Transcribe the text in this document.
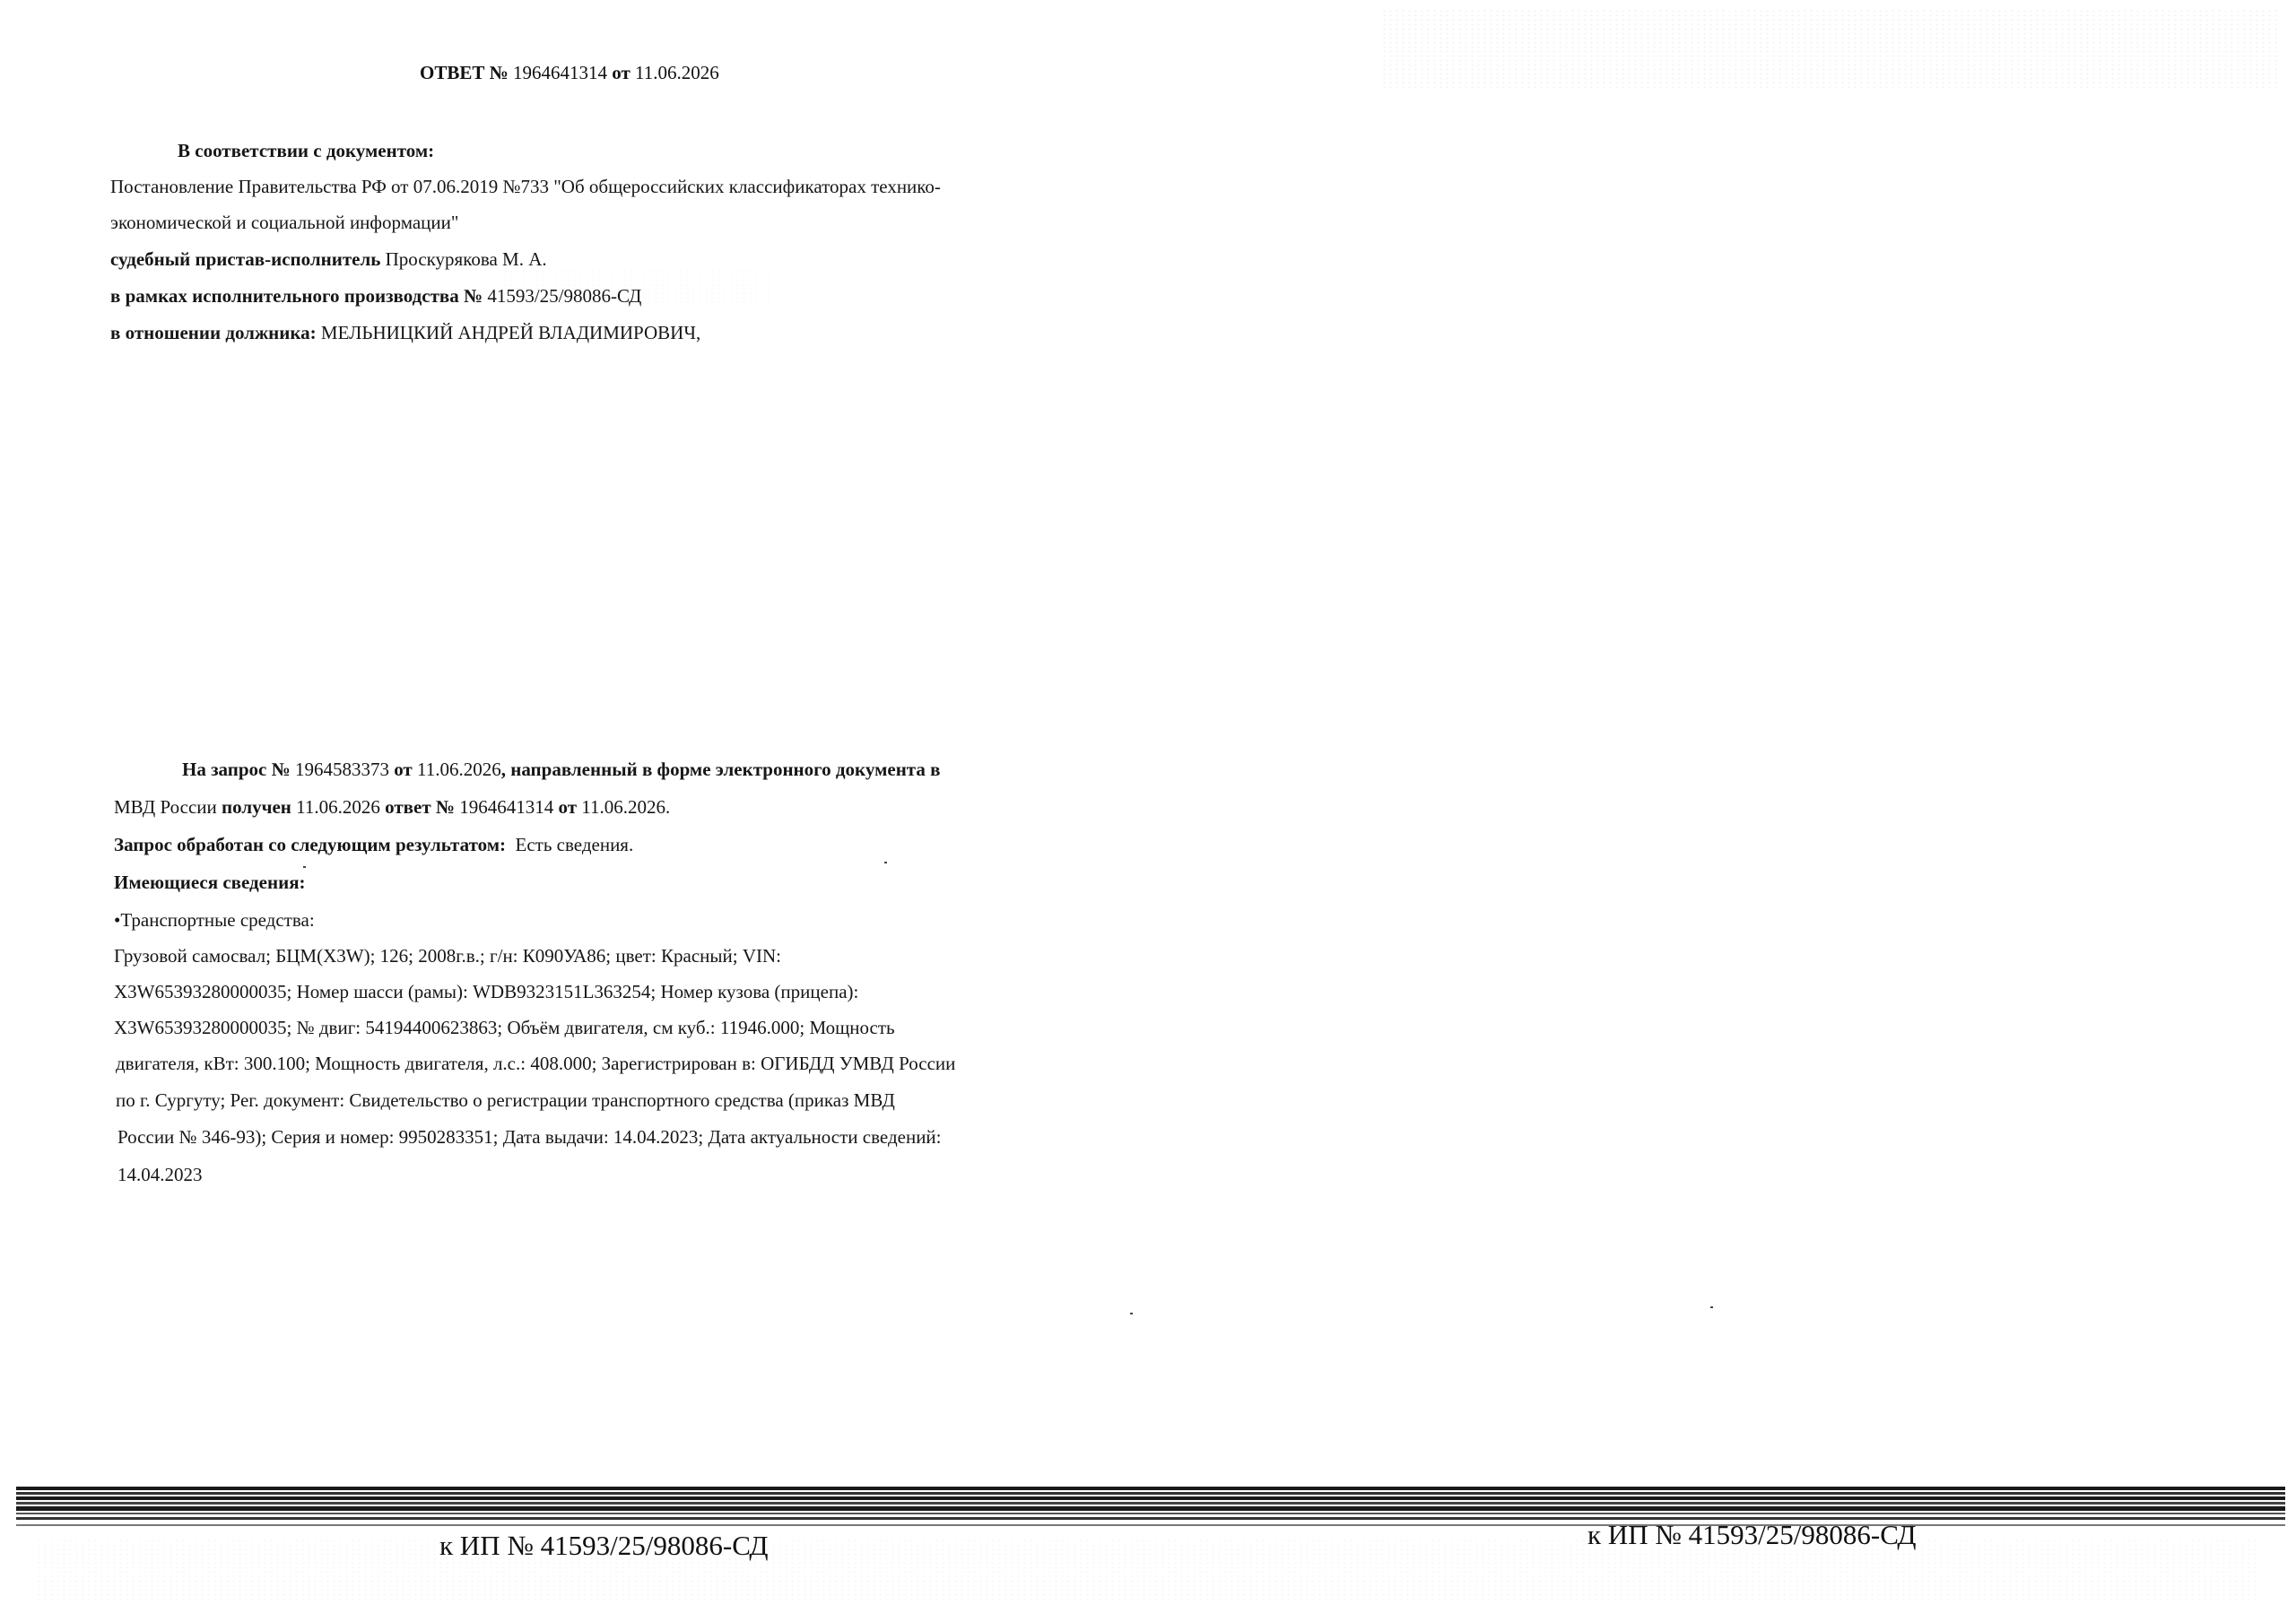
ОТВЕТ № 1964641314 от 11.06.2026
В соответствии с документом:
Постановление Правительства РФ от 07.06.2019 №733 "Об общероссийских классификаторах технико-
экономической и социальной информации"
судебный пристав-исполнитель Проскурякова М. А.
в рамках исполнительного производства № 41593/25/98086-СД
в отношении должника: МЕЛЬНИЦКИЙ АНДРЕЙ ВЛАДИМИРОВИЧ,
На запрос № 1964583373 от 11.06.2026, направленный в форме электронного документа в
МВД России получен 11.06.2026 ответ № 1964641314 от 11.06.2026.
Запрос обработан со следующим результатом: Есть сведения.
Имеющиеся сведения:
•Транспортные средства:
Грузовой самосвал; БЦМ(X3W); 126; 2008г.в.; г/н: К090УА86; цвет: Красный; VIN:
X3W65393280000035; Номер шасси (рамы): WDB9323151L363254; Номер кузова (прицепа):
X3W65393280000035; № двиг: 54194400623863; Объём двигателя, см куб.: 11946.000; Мощность
двигателя, кВт: 300.100; Мощность двигателя, л.с.: 408.000; Зарегистрирован в: ОГИБДД УМВД России
по г. Сургуту; Рег. документ: Свидетельство о регистрации транспортного средства (приказ МВД
России № 346-93); Серия и номер: 9950283351; Дата выдачи: 14.04.2023; Дата актуальности сведений:
14.04.2023
к ИП № 41593/25/98086-СД	к ИП № 41593/25/98086-СД
